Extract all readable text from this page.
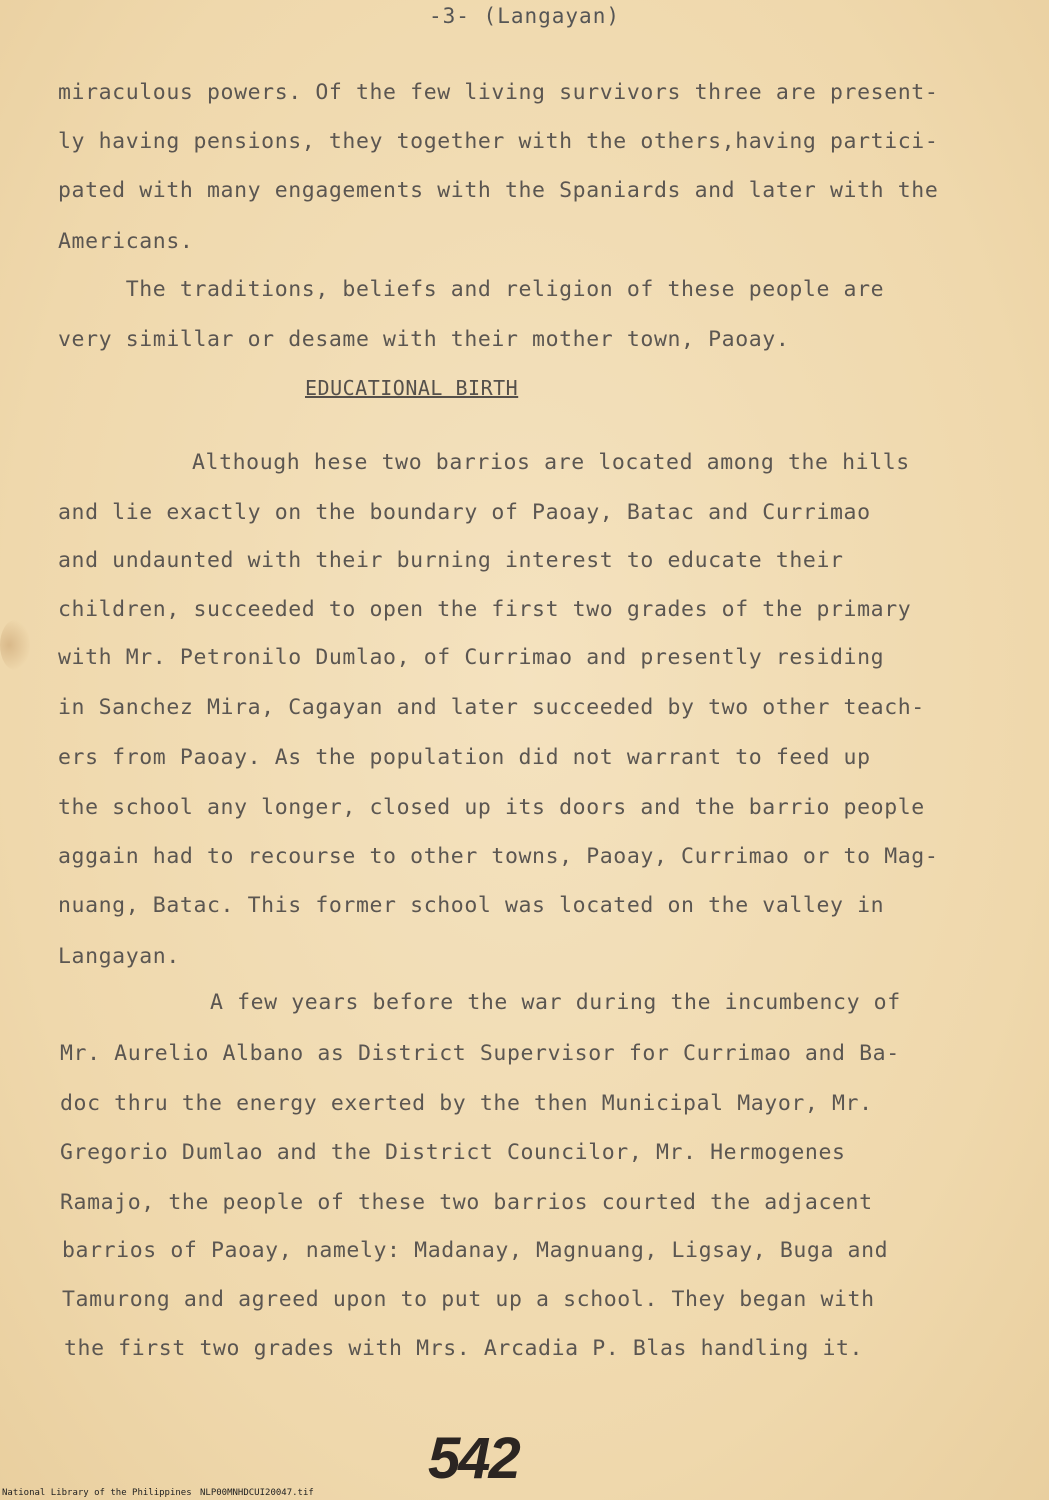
-3- (Langayan)
miraculous powers. Of the few living survivors three are present-
ly having pensions, they together with the others,having partici-
pated with many engagements with the Spaniards and later with the
Americans.
The traditions, beliefs and religion of these people are
very simillar or desame with their mother town, Paoay.
EDUCATIONAL BIRTH
Although hese two barrios are located among the hills
and lie exactly on the boundary of Paoay, Batac and Currimao
and undaunted with their burning interest to educate their
children, succeeded to open the first two grades of the primary
with Mr. Petronilo Dumlao, of Currimao and presently residing
in Sanchez Mira, Cagayan and later succeeded by two other teach-
ers from Paoay. As the population did not warrant to feed up
the school any longer, closed up its doors and the barrio people
aggain had to recourse to other towns, Paoay, Currimao or to Mag-
nuang, Batac. This former school was located on the valley in
Langayan.
A few years before the war during the incumbency of
Mr. Aurelio Albano as District Supervisor for Currimao and Ba-
doc thru the energy exerted by the then Municipal Mayor, Mr.
Gregorio Dumlao and the District Councilor, Mr. Hermogenes
Ramajo, the people of these two barrios courted the adjacent
barrios of Paoay, namely: Madanay, Magnuang, Ligsay, Buga and
Tamurong and agreed upon to put up a school. They began with
the first two grades with Mrs. Arcadia P. Blas handling it.
542
National Library of the Philippines NLP00MNHDCUI20047.tif
